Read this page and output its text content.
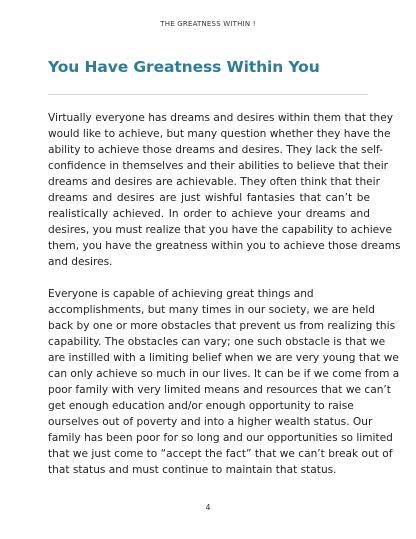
THE GREATNESS WITHIN !
You Have Greatness Within You
Virtually everyone has dreams and desires within them that they
would like to achieve, but many question whether they have the
ability to achieve those dreams and desires. They lack the self-
confidence in themselves and their abilities to believe that their
dreams and desires are achievable. They often think that their
dreams and desires are just wishful fantasies that can’t be
realistically achieved. In order to achieve your dreams and
desires, you must realize that you have the capability to achieve
them, you have the greatness within you to achieve those dreams
and desires.
Everyone is capable of achieving great things and
accomplishments, but many times in our society, we are held
back by one or more obstacles that prevent us from realizing this
capability. The obstacles can vary; one such obstacle is that we
are instilled with a limiting belief when we are very young that we
can only achieve so much in our lives. It can be if we come from a
poor family with very limited means and resources that we can’t
get enough education and/or enough opportunity to raise
ourselves out of poverty and into a higher wealth status. Our
family has been poor for so long and our opportunities so limited
that we just come to “accept the fact” that we can’t break out of
that status and must continue to maintain that status.
4
